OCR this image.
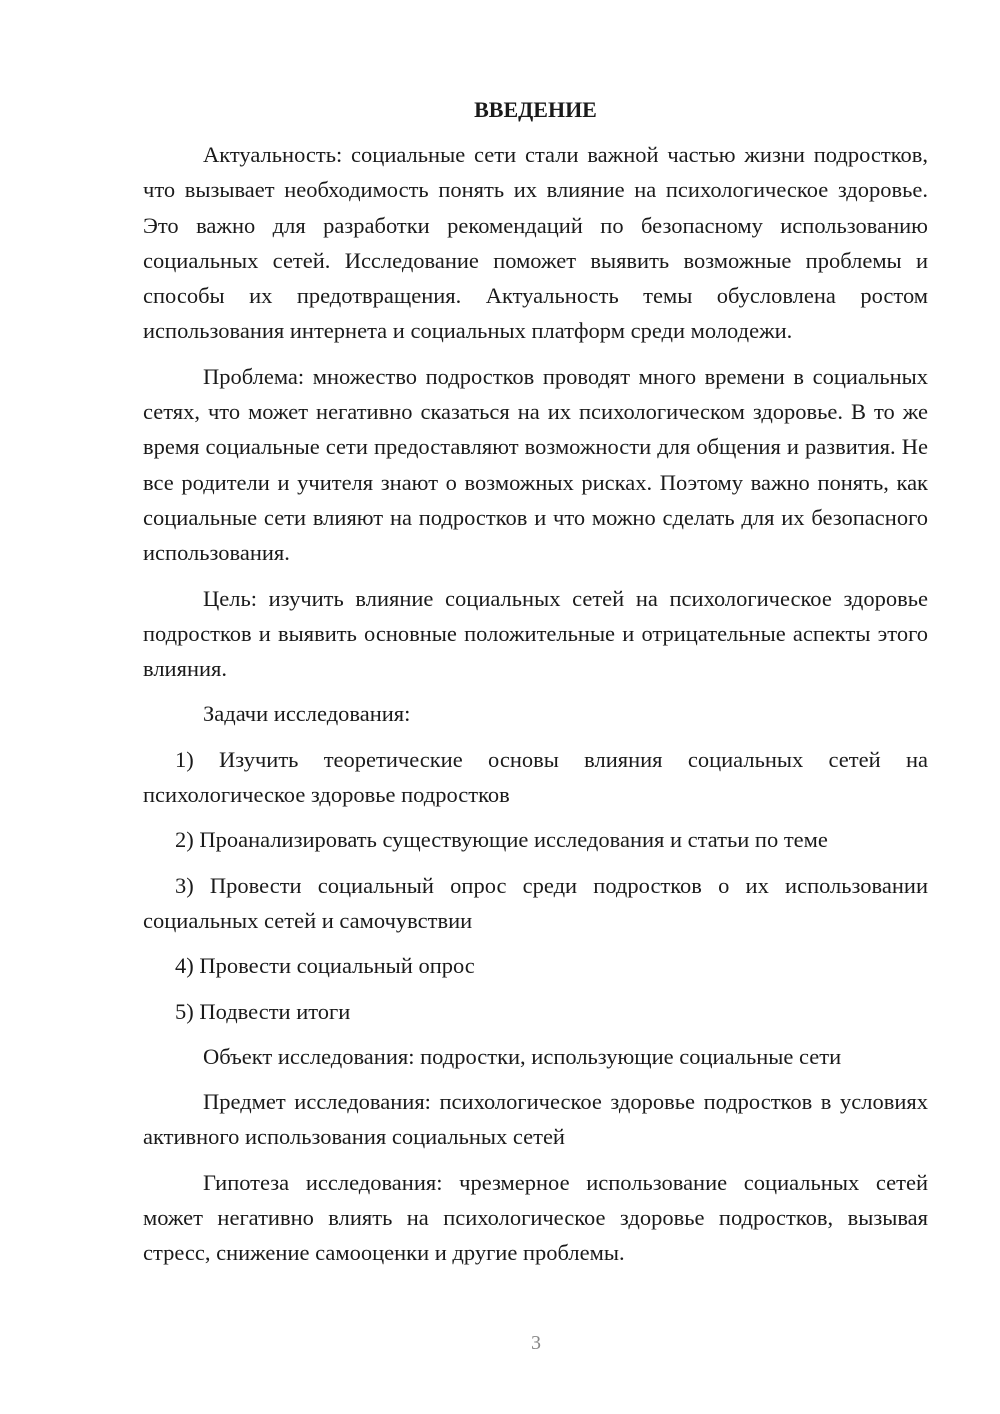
ВВЕДЕНИЕ

Актуальность: социальные сети стали важной частью жизни подростков, что вызывает необходимость понять их влияние на психологическое здоровье. Это важно для разработки рекомендаций по безопасному использованию социальных сетей. Исследование поможет выявить возможные проблемы и способы их предотвращения. Актуальность темы обусловлена ростом использования интернета и социальных платформ среди молодежи.

Проблема: множество подростков проводят много времени в социальных сетях, что может негативно сказаться на их психологическом здоровье. В то же время социальные сети предоставляют возможности для общения и развития. Не все родители и учителя знают о возможных рисках. Поэтому важно понять, как социальные сети влияют на подростков и что можно сделать для их безопасного использования.

Цель: изучить влияние социальных сетей на психологическое здоровье подростков и выявить основные положительные и отрицательные аспекты этого влияния.

Задачи исследования:

1) Изучить теоретические основы влияния социальных сетей на психологическое здоровье подростков

2) Проанализировать существующие исследования и статьи по теме

3) Провести социальный опрос среди подростков о их использовании социальных сетей и самочувствии

4) Провести социальный опрос

5) Подвести итоги

Объект исследования: подростки, использующие социальные сети

Предмет исследования: психологическое здоровье подростков в условиях активного использования социальных сетей

Гипотеза исследования: чрезмерное использование социальных сетей может негативно влиять на психологическое здоровье подростков, вызывая стресс, снижение самооценки и другие проблемы.

3
